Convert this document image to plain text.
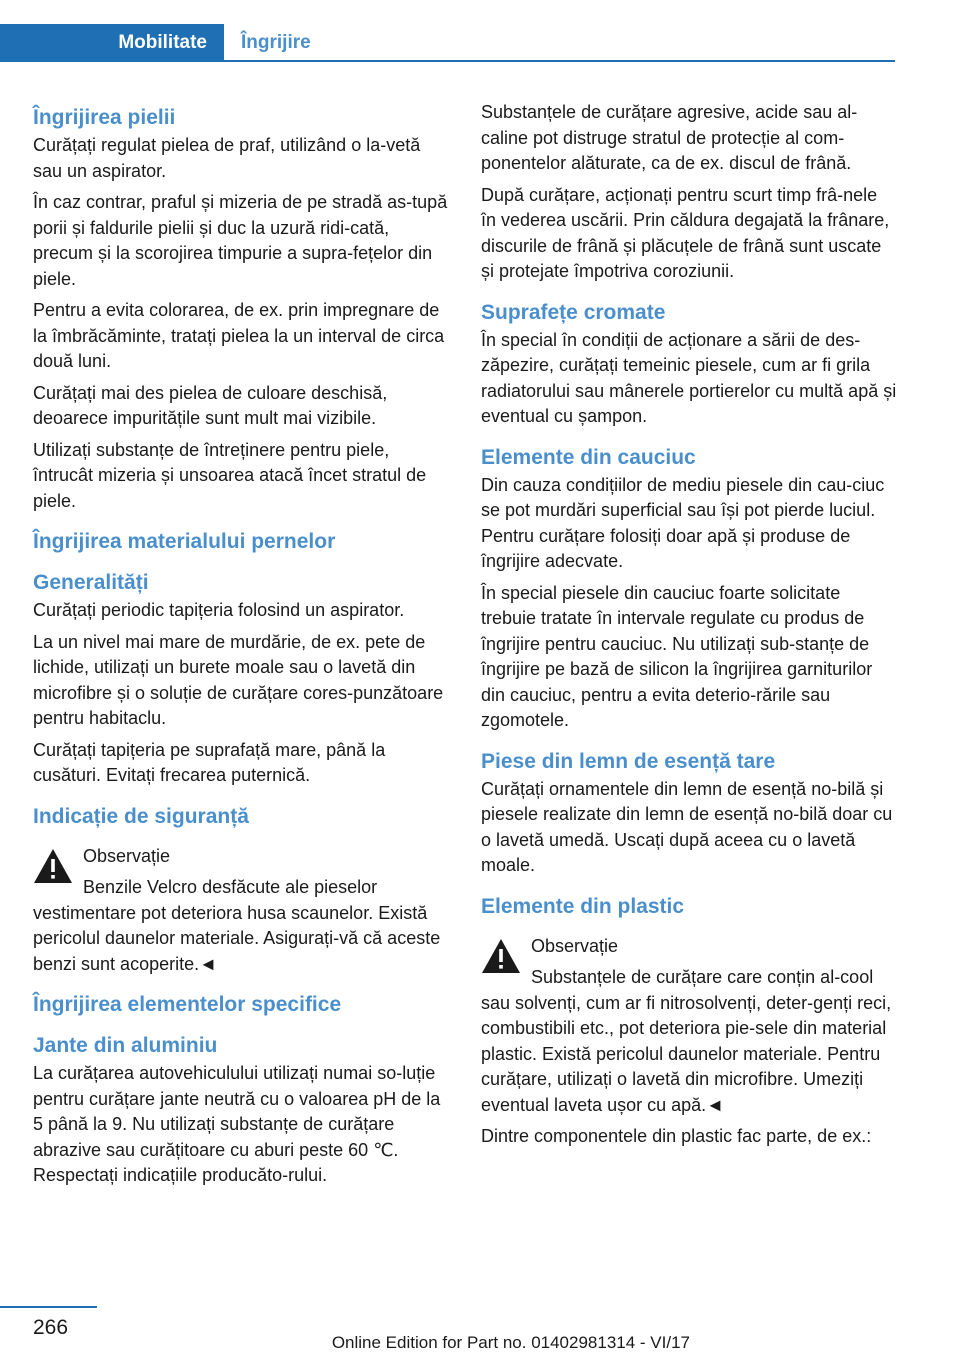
Mobilitate	Îngrijire
Îngrijirea pielii

Curățați regulat pielea de praf, utilizând o la-vetă sau un aspirator.

În caz contrar, praful și mizeria de pe stradă as-tupă porii și faldurile pielii și duc la uzură ridi-cată, precum și la scorojirea timpurie a supra-fețelor din piele.

Pentru a evita colorarea, de ex. prin impregnare de la îmbrăcăminte, tratați pielea la un interval de circa două luni.

Curățați mai des pielea de culoare deschisă, deoarece impuritățile sunt mult mai vizibile.

Utilizați substanțe de întreținere pentru piele, întrucât mizeria și unsoarea atacă încet stratul de piele.

Îngrijirea materialului pernelor
Generalități

Curățați periodic tapițeria folosind un aspirator.

La un nivel mai mare de murdărie, de ex. pete de lichide, utilizați un burete moale sau o lavetă din microfibre și o soluție de curățare cores-punzătoare pentru habitaclu.

Curățați tapițeria pe suprafață mare, până la cusături. Evitați frecarea puternică.

Indicație de siguranță

Observație

Benzile Velcro desfăcute ale pieselor vestimentare pot deteriora husa scaunelor. Există pericolul daunelor materiale. Asigurați-vă că aceste benzi sunt acoperite.◄

Îngrijirea elementelor specifice
Jante din aluminiu

La curățarea autovehiculului utilizați numai so-luție pentru curățare jante neutră cu o valoarea pH de la 5 până la 9. Nu utilizați substanțe de curățare abrazive sau curățitoare cu aburi peste 60 ℃. Respectați indicațiile producăto-rului.

Substanțele de curățare agresive, acide sau al-caline pot distruge stratul de protecție al com-ponentelor alăturate, ca de ex. discul de frână.

După curățare, acționați pentru scurt timp frâ-nele în vederea uscării. Prin căldura degajată la frânare, discurile de frână și plăcuțele de frână sunt uscate și protejate împotriva coroziunii.

Suprafețe cromate

În special în condiții de acționare a sării de des-zăpezire, curățați temeinic piesele, cum ar fi grila radiatorului sau mânerele portierelor cu multă apă și eventual cu șampon.

Elemente din cauciuc

Din cauza condițiilor de mediu piesele din cau-ciuc se pot murdări superficial sau își pot pierde luciul. Pentru curățare folosiți doar apă și produse de îngrijire adecvate.

În special piesele din cauciuc foarte solicitate trebuie tratate în intervale regulate cu produs de îngrijire pentru cauciuc. Nu utilizați sub-stanțe de îngrijire pe bază de silicon la îngrijirea garniturilor din cauciuc, pentru a evita deterio-rările sau zgomotele.

Piese din lemn de esență tare

Curățați ornamentele din lemn de esență no-bilă și piesele realizate din lemn de esență no-bilă doar cu o lavetă umedă. Uscați după aceea cu o lavetă moale.

Elemente din plastic

Observație

Substanțele de curățare care conțin al-cool sau solvenți, cum ar fi nitrosolvenți, deter-genți reci, combustibili etc., pot deteriora pie-sele din material plastic. Există pericolul daunelor materiale. Pentru curățare, utilizați o lavetă din microfibre. Umeziți eventual laveta ușor cu apă.◄

Dintre componentele din plastic fac parte, de ex.:

266
Online Edition for Part no. 01402981314 - VI/17
